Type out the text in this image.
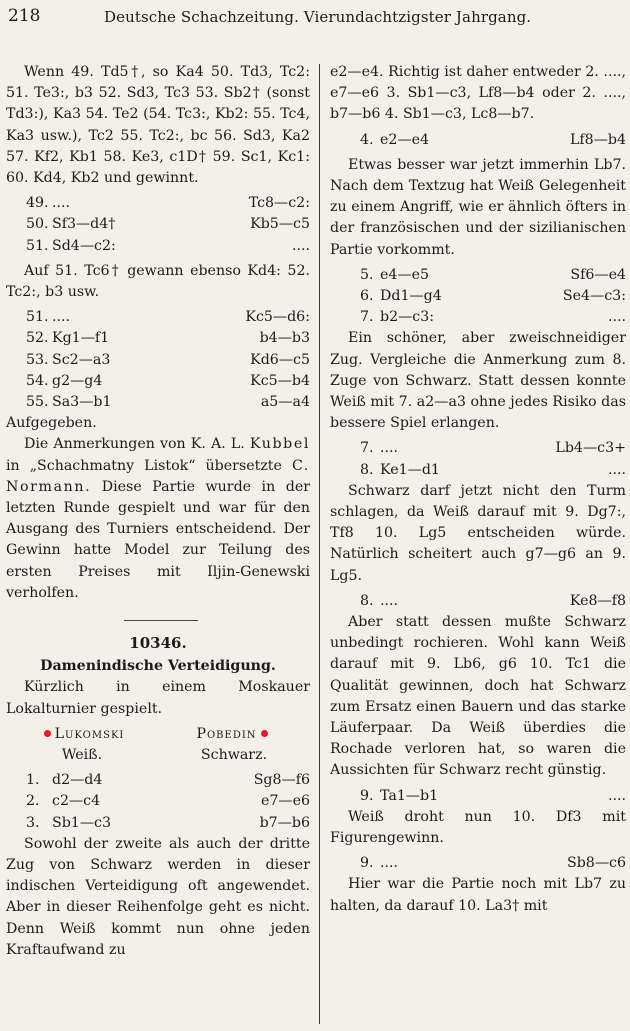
218	Deutsche Schachzeitung. Vierundachtzigster Jahrgang.

Wenn 49. Td5†, so Ka4 50. Td3, Tc2: 51. Te3:, b3 52. Sd3, Tc3 53. Sb2† (sonst Td3:), Ka3 54. Te2 (54. Tc3:, Kb2: 55. Tc4, Ka3 usw.), Tc2 55. Tc2:, bc 56. Sd3, Ka2 57. Kf2, Kb1 58. Ke3, c1D† 59. Sc1, Kc1: 60. Kd4, Kb2 und gewinnt.

49. ....	Tc8—c2:
50. Sf3—d4†	Kb5—c5
51. Sd4—c2:	....

Auf 51. Tc6† gewann ebenso Kd4: 52. Tc2:, b3 usw.

51. ....	Kc5—d6:
52. Kg1—f1	b4—b3
53. Sc2—a3	Kd6—c5
54. g2—g4	Kc5—b4
55. Sa3—b1	a5—a4
Aufgegeben.

Die Anmerkungen von K. A. L. Kubbel in „Schachmatny Listok“ übersetzte C. Normann. Diese Partie wurde in der letzten Runde gespielt und war für den Ausgang des Turniers entscheidend. Der Gewinn hatte Model zur Teilung des ersten Preises mit Iljin-Genewski verholfen.

10346.
Damenindische Verteidigung.

Kürzlich in einem Moskauer Lokalturnier gespielt.

Lukomski	Pobedin
Weiß.	Schwarz.
1. d2—d4	Sg8—f6
2. c2—c4	e7—e6
3. Sb1—c3	b7—b6

Sowohl der zweite als auch der dritte Zug von Schwarz werden in dieser indischen Verteidigung oft angewendet. Aber in dieser Reihenfolge geht es nicht. Denn Weiß kommt nun ohne jeden Kraftaufwand zu

e2—e4. Richtig ist daher entweder 2. ...., e7—e6 3. Sb1—c3, Lf8—b4 oder 2. ...., b7—b6 4. Sb1—c3, Lc8—b7.

4. e2—e4	Lf8—b4

Etwas besser war jetzt immerhin Lb7. Nach dem Textzug hat Weiß Gelegenheit zu einem Angriff, wie er ähnlich öfters in der französischen und der sizilianischen Partie vorkommt.

5. e4—e5	Sf6—e4
6. Dd1—g4	Se4—c3:
7. b2—c3:	....

Ein schöner, aber zweischneidiger Zug. Vergleiche die Anmerkung zum 8. Zuge von Schwarz. Statt dessen konnte Weiß mit 7. a2—a3 ohne jedes Risiko das bessere Spiel erlangen.

7. ....	Lb4—c3+
8. Ke1—d1	....

Schwarz darf jetzt nicht den Turm schlagen, da Weiß darauf mit 9. Dg7:, Tf8 10. Lg5 entscheiden würde. Natürlich scheitert auch g7—g6 an 9. Lg5.

8. ....	Ke8—f8

Aber statt dessen mußte Schwarz unbedingt rochieren. Wohl kann Weiß darauf mit 9. Lb6, g6 10. Tc1 die Qualität gewinnen, doch hat Schwarz zum Ersatz einen Bauern und das starke Läuferpaar. Da Weiß überdies die Rochade verloren hat, so waren die Aussichten für Schwarz recht günstig.

9. Ta1—b1	....

Weiß droht nun 10. Df3 mit Figurengewinn.

9. ....	Sb8—c6

Hier war die Partie noch mit Lb7 zu halten, da darauf 10. La3† mit
